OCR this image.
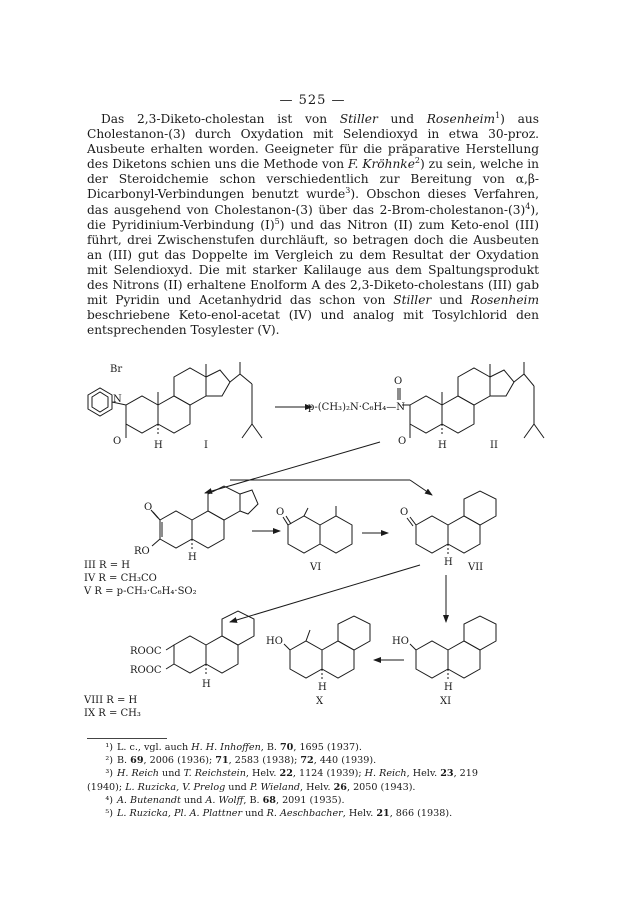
— 525 —

Das 2,3-Diketo-cholestan ist von Stiller und Rosenheim$^1$) aus Cholestanon-(3) durch Oxydation mit Selendioxyd in etwa 30-proz. Ausbeute erhalten worden. Geeigneter für die präparative Herstellung des Diketons schien uns die Methode von F. Kröhnke$^2$) zu sein, welche in der Steroidchemie schon verschiedentlich zur Bereitung von α,β-Dicarbonyl-Verbindungen benutzt wurde$^3$). Obschon dieses Verfahren, das ausgehend von Cholestanon-(3) über das $2-Brom-cholestanon-(3)^4$), die Pyridinium-Verbindung $(I)^5$) und das Nitron (II) zum Keto-enol (III) führt, drei Zwischenstufen durchläuft, so betragen doch die Ausbeuten an (III) gut das Doppelte im Vergleich zu dem Resultat der Oxydation mit Selendioxyd. Die mit starker Kalilauge aus dem Spaltungsprodukt des Nitrons (II) erhaltene Enolform A des 2,3-Diketo-cholestans (III) gab mit Pyridin und Acetanhydrid das schon von Stiller und Rosenheim beschriebene Keto-enol-acetat (IV) und analog mit Tosylchlorid den entsprechenden Tosylester (V).

Br
N
O	H	I
p-(CH₃)₂N·C₆H₄—N
O
O	H	II
O
RO
H
O
VI
O
H VII
III R = H
IV R = CH₃CO
V R = p-CH₃·C₆H₄·SO₂
ROOC
ROOC
H
VIII R = H
IX R = CH₃
HO
H
X
HO
H
XI

¹) L. c., vgl. auch H. H. Inhoffen, B. 70, 1695 (1937).

²) B. 69, 2006 (1936); 71, 2583 (1938); 72, 440 (1939).

³) H. Reich und T. Reichstein, Helv. 22, 1124 (1939); H. Reich, Helv. 23, 219

(1940); L. Ruzicka, V. Prelog und P. Wieland, Helv. 26, 2050 (1943).

⁴) A. Butenandt und A. Wolff, B. 68, 2091 (1935).

⁵) L. Ruzicka, Pl. A. Plattner und R. Aeschbacher, Helv. 21, 866 (1938).
